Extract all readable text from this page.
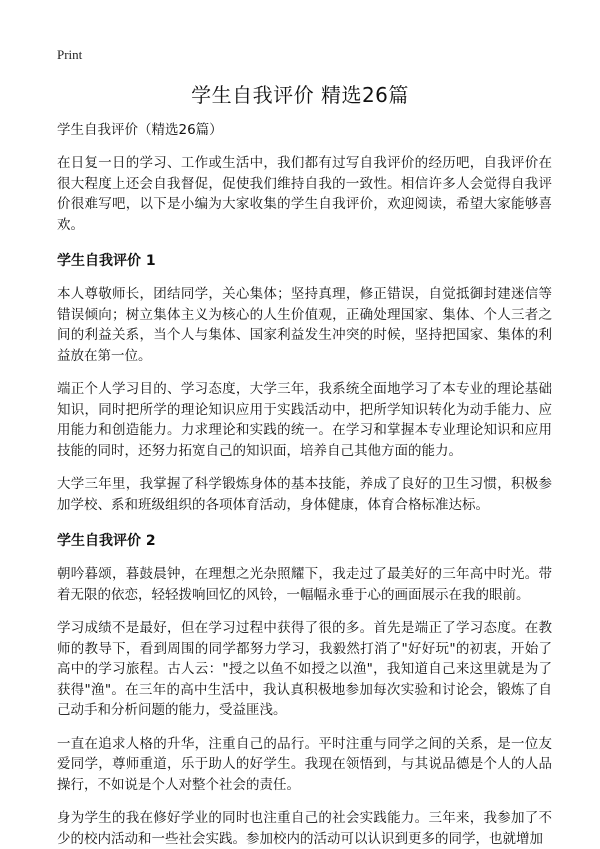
Print
学生自我评价 精选26篇

学生自我评价（精选26篇）

在日复一日的学习、工作或生活中，我们都有过写自我评价的经历吧，自我评价在很大程度上还会自我督促，促使我们维持自我的一致性。相信许多人会觉得自我评价很难写吧，以下是小编为大家收集的学生自我评价，欢迎阅读，希望大家能够喜欢。

学生自我评价 1

本人尊敬师长，团结同学，关心集体；坚持真理，修正错误，自觉抵御封建迷信等错误倾向；树立集体主义为核心的人生价值观，正确处理国家、集体、个人三者之间的利益关系，当个人与集体、国家利益发生冲突的时候，坚持把国家、集体的利益放在第一位。

端正个人学习目的、学习态度，大学三年，我系统全面地学习了本专业的理论基础知识，同时把所学的理论知识应用于实践活动中，把所学知识转化为动手能力、应用能力和创造能力。力求理论和实践的统一。在学习和掌握本专业理论知识和应用技能的同时，还努力拓宽自己的知识面，培养自己其他方面的能力。

大学三年里，我掌握了科学锻炼身体的基本技能，养成了良好的卫生习惯，积极参加学校、系和班级组织的各项体育活动，身体健康，体育合格标准达标。

学生自我评价 2

朝吟暮颂，暮鼓晨钟，在理想之光杂照耀下，我走过了最美好的三年高中时光。带着无限的依恋，轻轻拨响回忆的风铃，一幅幅永垂于心的画面展示在我的眼前。

学习成绩不是最好，但在学习过程中获得了很的多。首先是端正了学习态度。在教师的教导下，看到周围的同学都努力学习，我毅然打消了"好好玩"的初衷，开始了高中的学习旅程。古人云："授之以鱼不如授之以渔"，我知道自己来这里就是为了获得"渔"。在三年的高中生活中，我认真积极地参加每次实验和讨论会，锻炼了自己动手和分析问题的能力，受益匪浅。

一直在追求人格的升华，注重自己的品行。平时注重与同学之间的关系，是一位友爱同学，尊师重道，乐于助人的好学生。我现在领悟到，与其说品德是个人的人品操行，不如说是个人对整个社会的责任。

身为学生的我在修好学业的同时也注重自己的社会实践能力。三年来，我参加了不少的校内活动和一些社会实践。参加校内的活动可以认识到更多的同学，也就增加
